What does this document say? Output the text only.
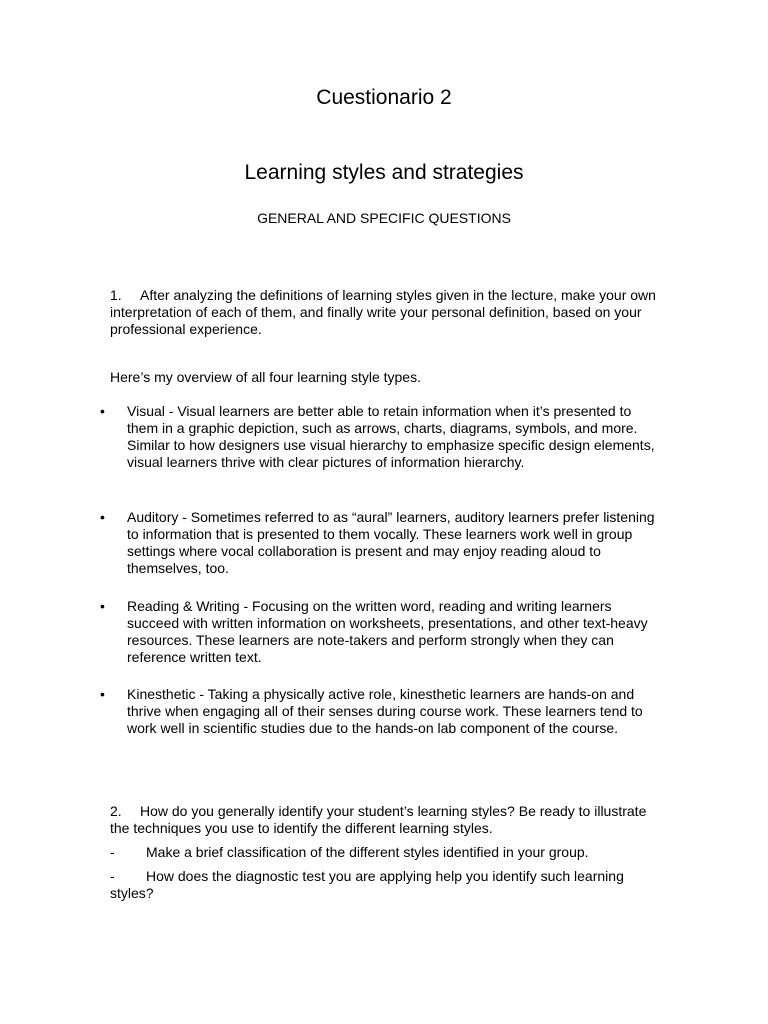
Cuestionario 2
Learning styles and strategies
GENERAL AND SPECIFIC QUESTIONS

1. After analyzing the definitions of learning styles given in the lecture, make your own interpretation of each of them, and finally write your personal definition, based on your professional experience.

Here’s my overview of all four learning style types.

•	Visual - Visual learners are better able to retain information when it’s presented to them in a graphic depiction, such as arrows, charts, diagrams, symbols, and more. Similar to how designers use visual hierarchy to emphasize specific design elements, visual learners thrive with clear pictures of information hierarchy.
•	Auditory - Sometimes referred to as “aural” learners, auditory learners prefer listening to information that is presented to them vocally. These learners work well in group settings where vocal collaboration is present and may enjoy reading aloud to themselves, too.
•	Reading & Writing - Focusing on the written word, reading and writing learners succeed with written information on worksheets, presentations, and other text-heavy resources. These learners are note-takers and perform strongly when they can reference written text.
•	Kinesthetic - Taking a physically active role, kinesthetic learners are hands-on and thrive when engaging all of their senses during course work. These learners tend to work well in scientific studies due to the hands-on lab component of the course.

2. How do you generally identify your student’s learning styles? Be ready to illustrate the techniques you use to identify the different learning styles.

- Make a brief classification of the different styles identified in your group.

- How does the diagnostic test you are applying help you identify such learning styles?
